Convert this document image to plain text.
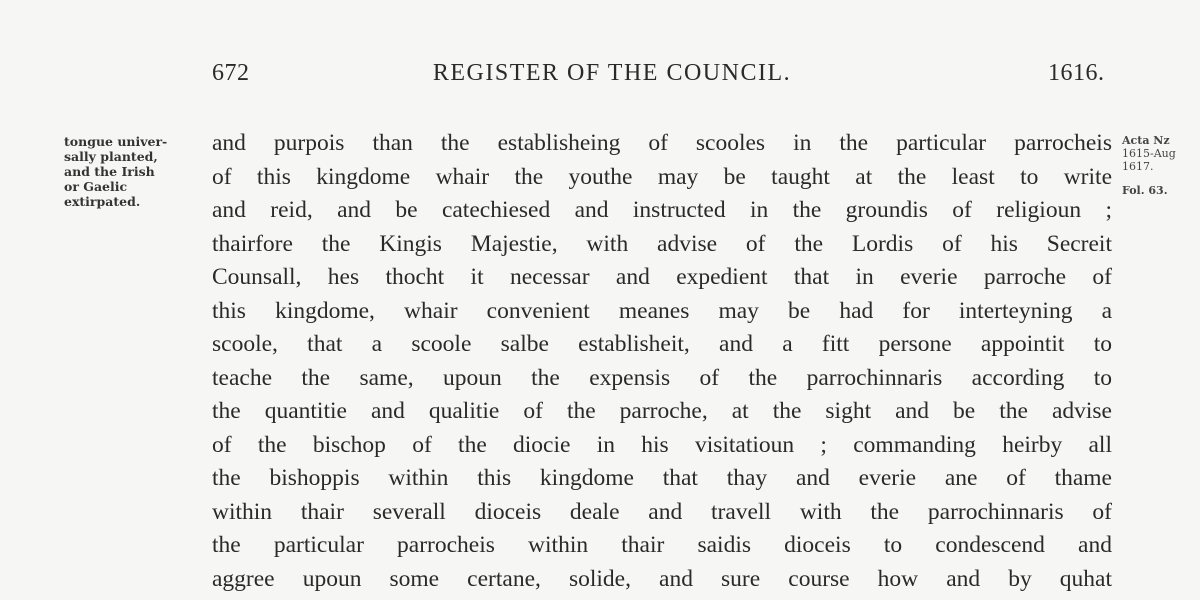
672	REGISTER OF THE COUNCIL.	1616.
tongue univer-
sally planted,
and the Irish
or Gaelic
extirpated.
Acta Nz
1615-Aug
1617.
Fol. 63.
and purpois than the establisheing of scooles in the particular parrocheis
of this kingdome whair the youthe may be taught at the least to write
and reid, and be catechiesed and instructed in the groundis of religioun ;
thairfore the Kingis Majestie, with advise of the Lordis of his Secreit
Counsall, hes thocht it necessar and expedient that in everie parroche of
this kingdome, whair convenient meanes may be had for interteyning a
scoole, that a scoole salbe establisheit, and a fitt persone appointit to
teache the same, upoun the expensis of the parrochinnaris according to
the quantitie and qualitie of the parroche, at the sight and be the advise
of the bischop of the diocie in his visitatioun ; commanding heirby all
the bishoppis within this kingdome that thay and everie ane of thame
within thair severall dioceis deale and travell with the parrochinnaris of
the particular parrocheis within thair saidis dioceis to condescend and
aggree upoun some certane, solide, and sure course how and by quhat
